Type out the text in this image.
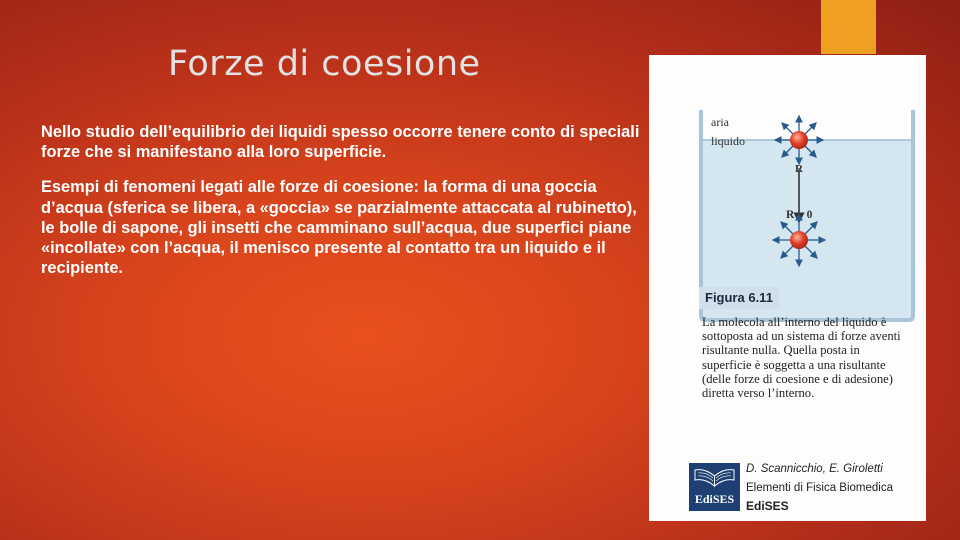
Forze di coesione

Nello studio dell’equilibrio dei liquidi spesso occorre tenere conto di speciali forze che si manifestano alla loro superficie.

Esempi di fenomeni legati alle forze di coesione: la forma di una goccia d’acqua (sferica se libera, a «goccia» se parzialmente attaccata al rubinetto), le bolle di sapone, gli insetti che camminano sull’acqua, due superfici piane «incollate» con l’acqua, il menisco presente al contatto tra un liquido e il recipiente.

aria
liquido
R
R = 0
Figura 6.11
La molecola all’interno del liquido è sottoposta ad un sistema di forze aventi risultante nulla. Quella posta in superficie è soggetta a una risultante (delle forze di coesione e di adesione) diretta verso l’interno.
EdiSES
D. Scannicchio, E. Giroletti
Elementi di Fisica Biomedica
EdiSES
